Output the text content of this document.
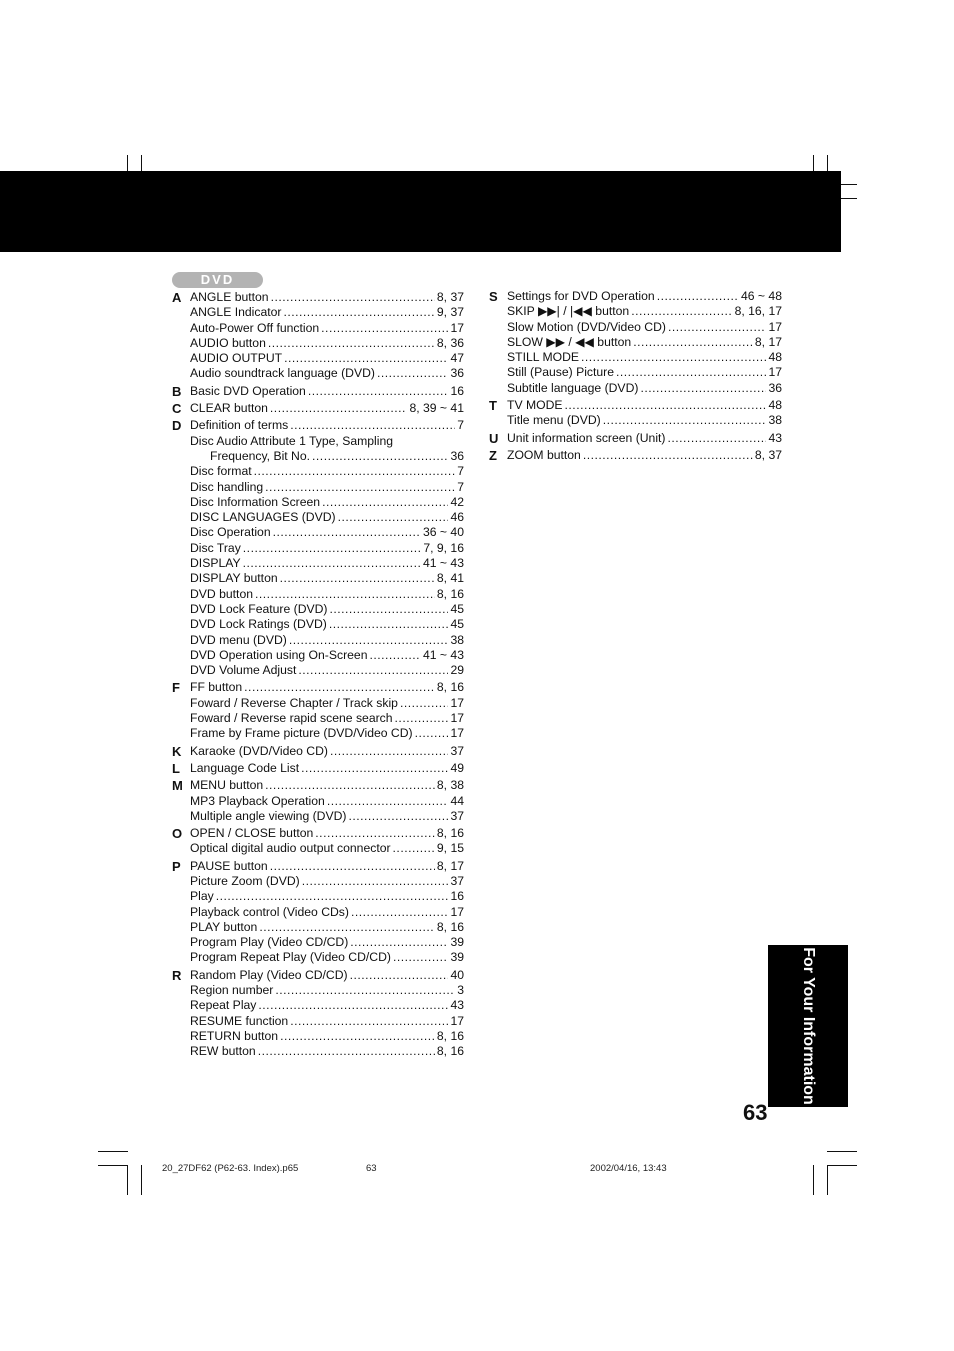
DVD
A ANGLE button .....	8, 37
ANGLE Indicator .....	9, 37
Auto-Power Off function .....	17
AUDIO button .....	8, 36
AUDIO OUTPUT .....	47
Audio soundtrack language (DVD) .....	36
B Basic DVD Operation .....	16
C CLEAR button .....	8, 39 ~ 41
D Definition of terms .....	7
Disc Audio Attribute 1 Type, Sampling
Frequency, Bit No. .....	36
Disc format .....	7
Disc handling .....	7
Disc Information Screen .....	42
DISC LANGUAGES (DVD) .....	46
Disc Operation .....	36 ~ 40
Disc Tray .....	7, 9, 16
DISPLAY .....	41 ~ 43
DISPLAY button .....	8, 41
DVD button .....	8, 16
DVD Lock Feature (DVD) .....	45
DVD Lock Ratings (DVD) .....	45
DVD menu (DVD) .....	38
DVD Operation using On-Screen .....	41 ~ 43
DVD Volume Adjust .....	29
F FF button .....	8, 16
Foward / Reverse Chapter / Track skip .....	17
Foward / Reverse rapid scene search .....	17
Frame by Frame picture (DVD/Video CD) .....	17
K Karaoke (DVD/Video CD) .....	37
L Language Code List .....	49
M MENU button .....	8, 38
MP3 Playback Operation .....	44
Multiple angle viewing (DVD) .....	37
O OPEN / CLOSE button .....	8, 16
Optical digital audio output connector .....	9, 15
P PAUSE button .....	8, 17
Picture Zoom (DVD) .....	37
Play .....	16
Playback control (Video CDs) .....	17
PLAY button .....	8, 16
Program Play (Video CD/CD) .....	39
Program Repeat Play (Video CD/CD) .....	39
R Random Play (Video CD/CD) .....	40
Region number .....	3
Repeat Play .....	43
RESUME function .....	17
RETURN button .....	8, 16
REW button .....	8, 16
S Settings for DVD Operation .....	46 ~ 48
SKIP ▶▶| / |◀◀ button .....	8, 16, 17
Slow Motion (DVD/Video CD) .....	17
SLOW ▶▶ / ◀◀ button .....	8, 17
STILL MODE .....	48
Still (Pause) Picture .....	17
Subtitle language (DVD) .....	36
T TV MODE .....	48
Title menu (DVD) .....	38
U Unit information screen (Unit) .....	43
Z ZOOM button .....	8, 37
For Your Information
63
20_27DF62 (P62-63. Index).p65	63	2002/04/16, 13:43
